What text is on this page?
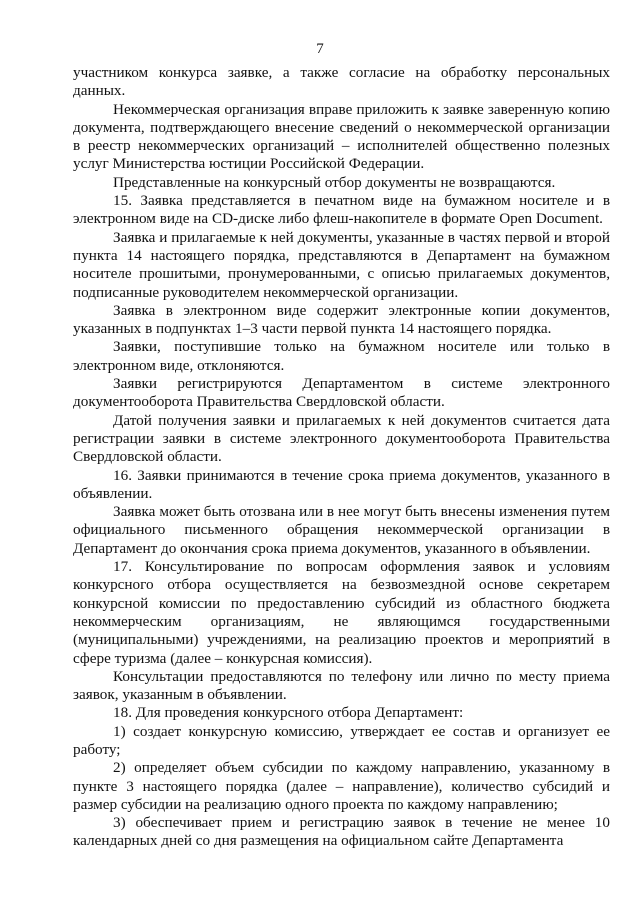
7

участником конкурса заявке, а также согласие на обработку персональных данных.

Некоммерческая организация вправе приложить к заявке заверенную копию документа, подтверждающего внесение сведений о некоммерческой организации в реестр некоммерческих организаций – исполнителей общественно полезных услуг Министерства юстиции Российской Федерации.

Представленные на конкурсный отбор документы не возвращаются.

15. Заявка представляется в печатном виде на бумажном носителе и в электронном виде на CD-диске либо флеш-накопителе в формате Open Document.

Заявка и прилагаемые к ней документы, указанные в частях первой и второй пункта 14 настоящего порядка, представляются в Департамент на бумажном носителе прошитыми, пронумерованными, с описью прилагаемых документов, подписанные руководителем некоммерческой организации.

Заявка в электронном виде содержит электронные копии документов, указанных в подпунктах 1–3 части первой пункта 14 настоящего порядка.

Заявки, поступившие только на бумажном носителе или только в электронном виде, отклоняются.

Заявки регистрируются Департаментом в системе электронного документооборота Правительства Свердловской области.

Датой получения заявки и прилагаемых к ней документов считается дата регистрации заявки в системе электронного документооборота Правительства Свердловской области.

16. Заявки принимаются в течение срока приема документов, указанного в объявлении.

Заявка может быть отозвана или в нее могут быть внесены изменения путем официального письменного обращения некоммерческой организации в Департамент до окончания срока приема документов, указанного в объявлении.

17. Консультирование по вопросам оформления заявок и условиям конкурсного отбора осуществляется на безвозмездной основе секретарем конкурсной комиссии по предоставлению субсидий из областного бюджета некоммерческим организациям, не являющимся государственными (муниципальными) учреждениями, на реализацию проектов и мероприятий в сфере туризма (далее – конкурсная комиссия).

Консультации предоставляются по телефону или лично по месту приема заявок, указанным в объявлении.

18. Для проведения конкурсного отбора Департамент:

1) создает конкурсную комиссию, утверждает ее состав и организует ее работу;

2) определяет объем субсидии по каждому направлению, указанному в пункте 3 настоящего порядка (далее – направление), количество субсидий и размер субсидии на реализацию одного проекта по каждому направлению;

3) обеспечивает прием и регистрацию заявок в течение не менее 10 календарных дней со дня размещения на официальном сайте Департамента
